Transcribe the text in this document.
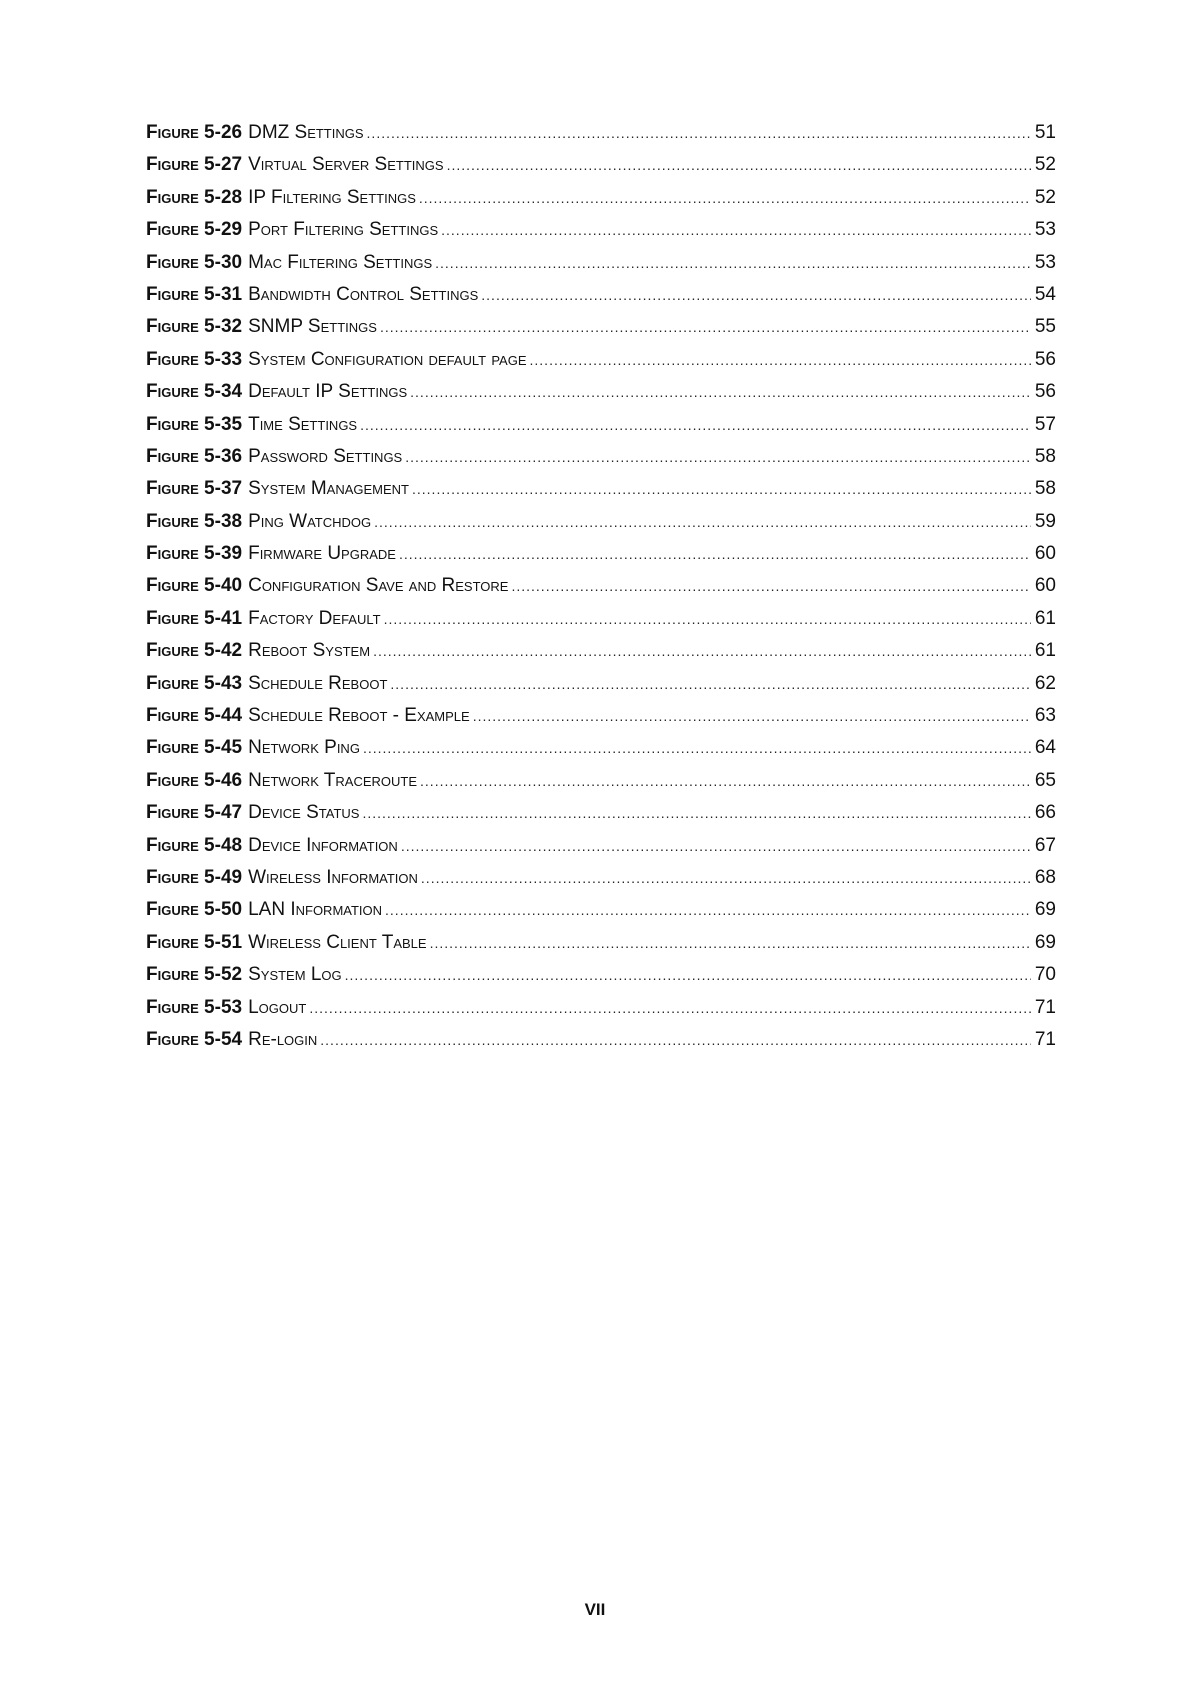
Figure 5-26 DMZ Settings .....	51
Figure 5-27 Virtual Server Settings .....	52
Figure 5-28 IP Filtering Settings .....	52
Figure 5-29 Port Filtering Settings .....	53
Figure 5-30 Mac Filtering Settings .....	53
Figure 5-31 Bandwidth Control Settings .....	54
Figure 5-32 SNMP Settings .....	55
Figure 5-33 System Configuration default page .....	56
Figure 5-34 Default IP Settings .....	56
Figure 5-35 Time Settings .....	57
Figure 5-36 Password Settings .....	58
Figure 5-37 System Management .....	58
Figure 5-38 Ping Watchdog .....	59
Figure 5-39 Firmware Upgrade .....	60
Figure 5-40 Configuration Save and Restore .....	60
Figure 5-41 Factory Default .....	61
Figure 5-42 Reboot System .....	61
Figure 5-43 Schedule Reboot .....	62
Figure 5-44 Schedule Reboot - Example .....	63
Figure 5-45 Network Ping .....	64
Figure 5-46 Network Traceroute .....	65
Figure 5-47 Device Status .....	66
Figure 5-48 Device Information .....	67
Figure 5-49 Wireless Information .....	68
Figure 5-50 LAN Information .....	69
Figure 5-51 Wireless Client Table .....	69
Figure 5-52 System Log .....	70
Figure 5-53 Logout .....	71
Figure 5-54 Re-login .....	71
VII
